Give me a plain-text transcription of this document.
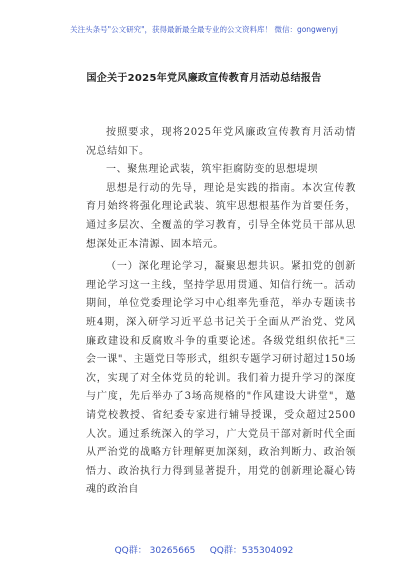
关注头条号"公文研究"，获得最新最全最专业的公文资料库！ 微信：gongwenyj
国企关于2025年党风廉政宣传教育月活动总结报告

按照要求，现将2025年党风廉政宣传教育月活动情况总结如下。

一、聚焦理论武装，筑牢拒腐防变的思想堤坝

思想是行动的先导，理论是实践的指南。本次宣传教育月始终将强化理论武装、筑牢思想根基作为首要任务，通过多层次、全覆盖的学习教育，引导全体党员干部从思想深处正本清源、固本培元。

（一）深化理论学习，凝聚思想共识。紧扣党的创新理论学习这一主线，坚持学思用贯通、知信行统一。活动期间，单位党委理论学习中心组率先垂范，举办专题读书班4期，深入研学习近平总书记关于全面从严治党、党风廉政建设和反腐败斗争的重要论述。各级党组织依托"三会一课"、主题党日等形式，组织专题学习研讨超过150场次，实现了对全体党员的轮训。我们着力提升学习的深度与广度，先后举办了3场高规格的"作风建设大讲堂"，邀请党校教授、省纪委专家进行辅导授课，受众超过2500人次。通过系统深入的学习，广大党员干部对新时代全面从严治党的战略方针理解更加深刻，政治判断力、政治领悟力、政治执行力得到显著提升，用党的创新理论凝心铸魂的政治自

QQ群： 30265665     QQ群：535304092
